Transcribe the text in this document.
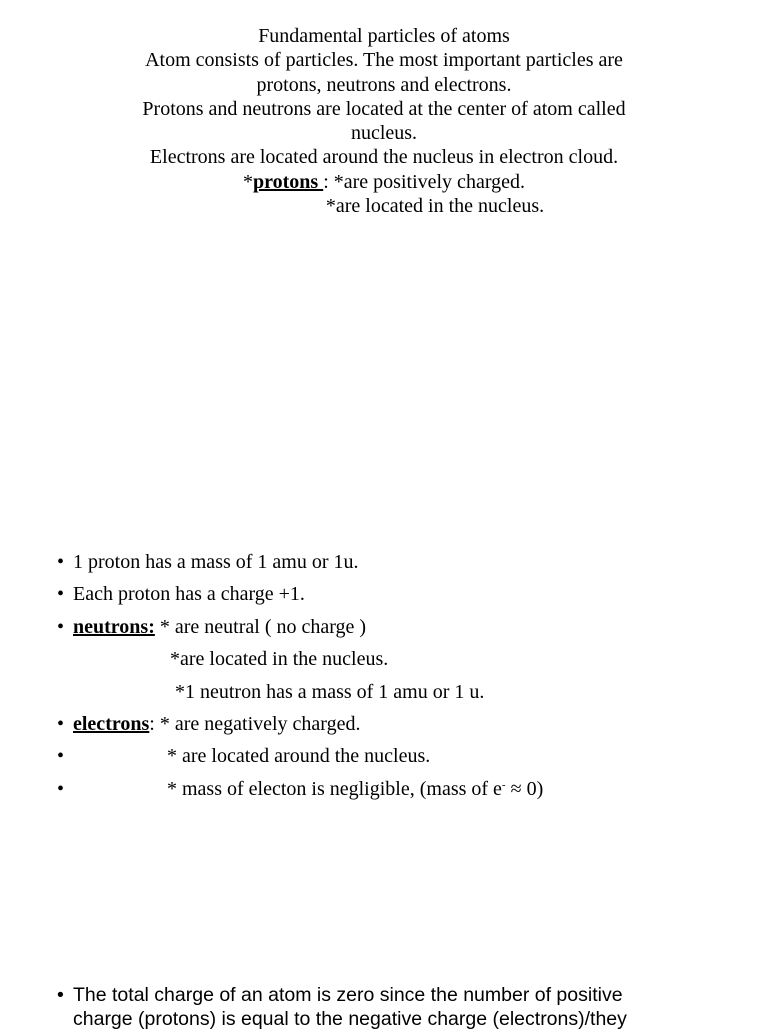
Fundamental particles of atoms
Atom consists of particles. The most important particles are
protons, neutrons and electrons.
Protons and neutrons are located at the center of atom called
nucleus.
Electrons are located around the nucleus in electron cloud.
*protons : *are positively charged.
*are located in the nucleus.

•

1 proton has a mass of 1 amu or 1u.

•

Each proton has a charge +1.

•

neutrons: * are neutral ( no charge )

*are located in the nucleus.

*1 neutron has a mass of 1 amu or 1 u.

•

electrons: * are negatively charged.

•

	* are located around the nucleus.

•

	* mass of electon is negligible, (mass of e- ≈ 0)

• The total charge of an atom is zero since the number of positive
charge (protons) is equal to the negative charge (electrons)/they
